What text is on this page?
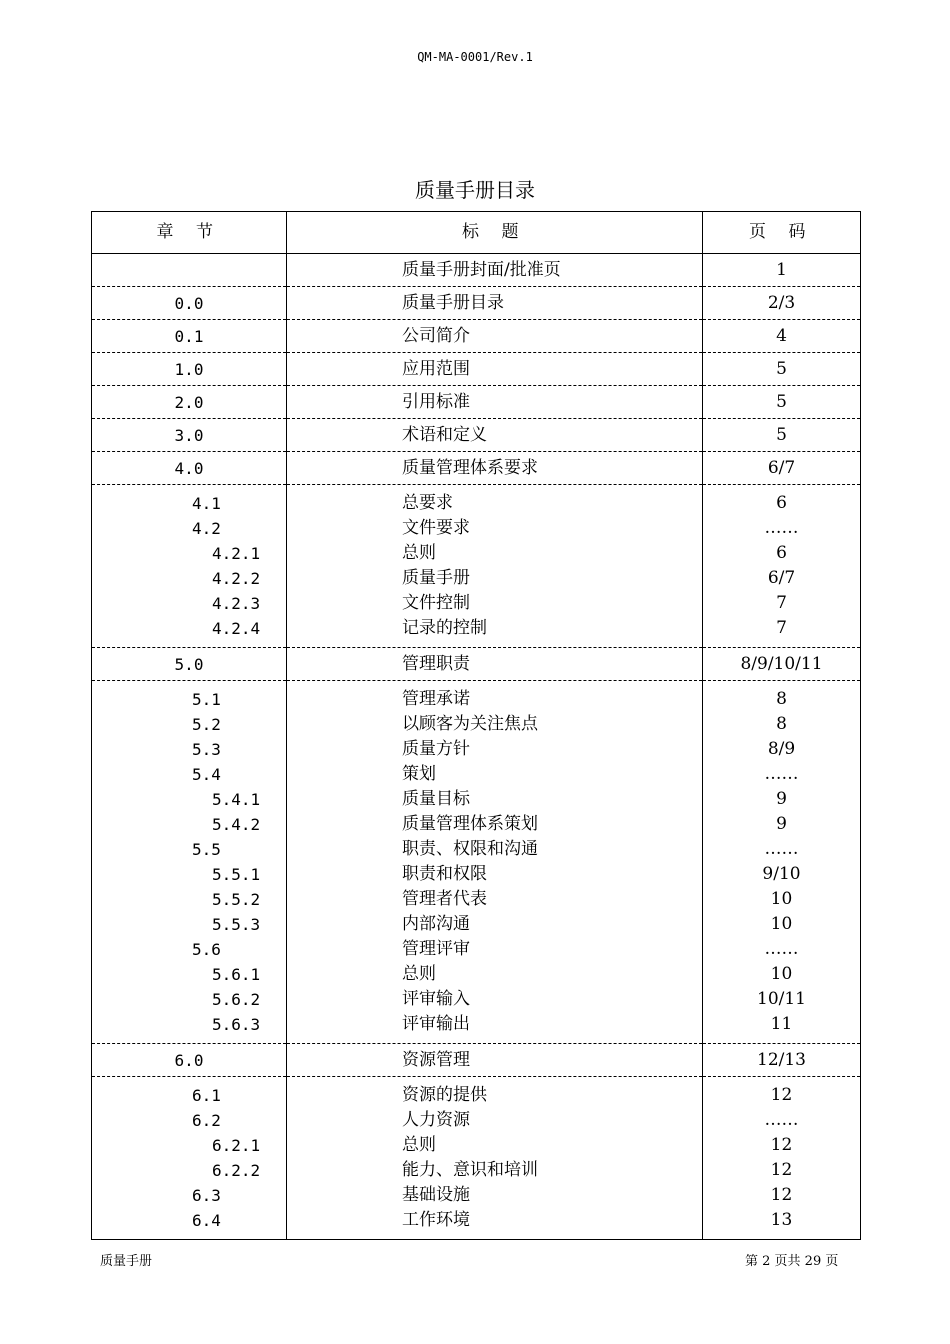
QM-MA-0001/Rev.1
质量手册目录
章 节	标 题	页 码
	质量手册封面/批准页	1

0.0	质量手册目录	2/3

0.1	公司简介	4

1.0	应用范围	5

2.0	引用标准	5

3.0	术语和定义	5

4.0	质量管理体系要求	6/7

4.1	总要求	6
4.2	文件要求	……
4.2.1	总则	6
4.2.2	质量手册	6/7
4.2.3	文件控制	7
4.2.4	记录的控制	7

5.0	管理职责	8/9/10/11

5.1	管理承诺	8
5.2	以顾客为关注焦点	8
5.3	质量方针	8/9
5.4	策划	……
5.4.1	质量目标	9
5.4.2	质量管理体系策划	9
5.5	职责、权限和沟通	……
5.5.1	职责和权限	9/10
5.5.2	管理者代表	10
5.5.3	内部沟通	10
5.6	管理评审	……
5.6.1	总则	10
5.6.2	评审输入	10/11
5.6.3	评审输出	11

6.0	资源管理	12/13

6.1	资源的提供	12
6.2	人力资源	……
6.2.1	总则	12
6.2.2	能力、意识和培训	12
6.3	基础设施	12
6.4	工作环境	13

质量手册	第 2 页共 29 页
